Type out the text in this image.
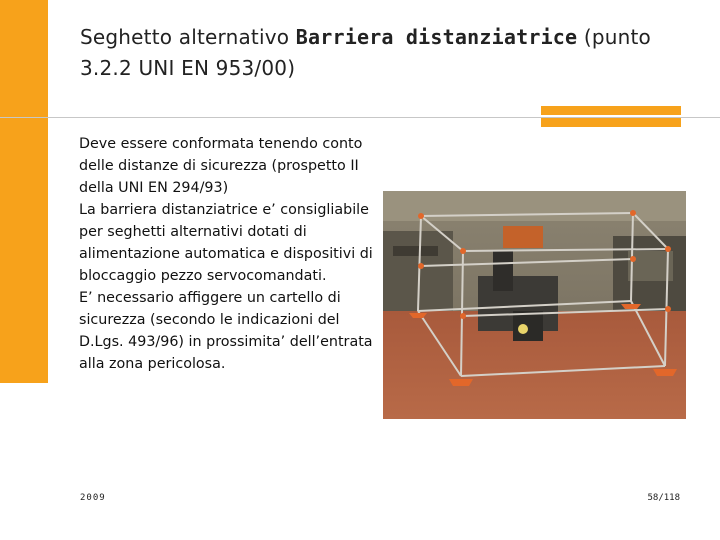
Seghetto alternativo Barriera distanziatrice (punto 3.2.2 UNI EN 953/00)

Deve essere conformata tenendo conto delle distanze di sicurezza (prospetto II della UNI EN 294/93)

La barriera distanziatrice e’ consigliabile per seghetti alternativi dotati di alimentazione automatica e dispositivi di bloccaggio pezzo servocomandati.

E’ necessario affiggere un cartello di sicurezza (secondo le indicazioni del D.Lgs. 493/96) in prossimita’ dell’entrata alla zona pericolosa.

2009	58/118
